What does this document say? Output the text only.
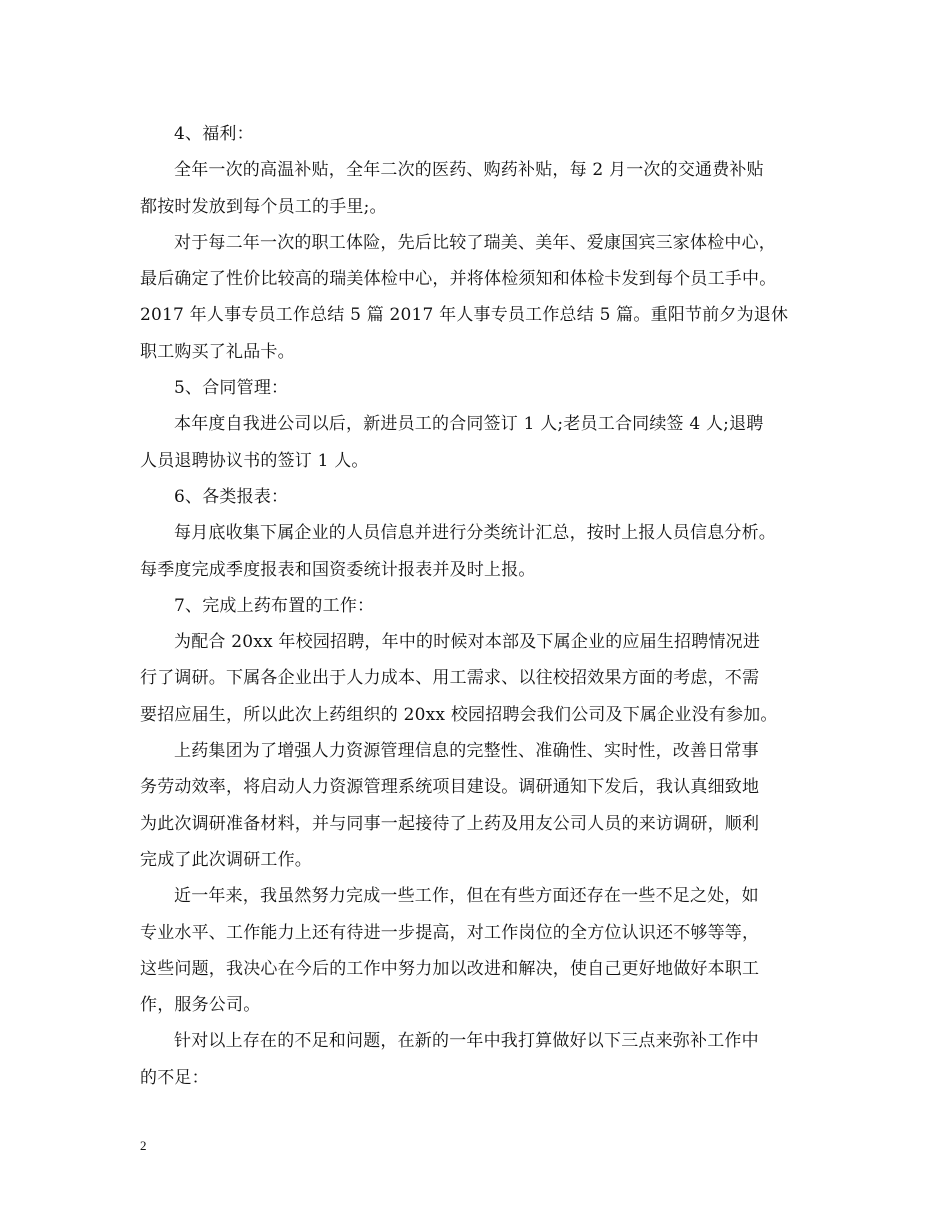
4、福利：
全年一次的高温补贴，全年二次的医药、购药补贴，每 2 月一次的交通费补贴
都按时发放到每个员工的手里;。
对于每二年一次的职工体险，先后比较了瑞美、美年、爱康国宾三家体检中心，
最后确定了性价比较高的瑞美体检中心，并将体检须知和体检卡发到每个员工手中。
2017 年人事专员工作总结 5 篇 2017 年人事专员工作总结 5 篇。重阳节前夕为退休
职工购买了礼品卡。
5、合同管理：
本年度自我进公司以后，新进员工的合同签订 1 人;老员工合同续签 4 人;退聘
人员退聘协议书的签订 1 人。
6、各类报表：
每月底收集下属企业的人员信息并进行分类统计汇总，按时上报人员信息分析。
每季度完成季度报表和国资委统计报表并及时上报。
7、完成上药布置的工作：
为配合 20xx 年校园招聘，年中的时候对本部及下属企业的应届生招聘情况进
行了调研。下属各企业出于人力成本、用工需求、以往校招效果方面的考虑，不需
要招应届生，所以此次上药组织的 20xx 校园招聘会我们公司及下属企业没有参加。
上药集团为了增强人力资源管理信息的完整性、准确性、实时性，改善日常事
务劳动效率，将启动人力资源管理系统项目建设。调研通知下发后，我认真细致地
为此次调研准备材料，并与同事一起接待了上药及用友公司人员的来访调研，顺利
完成了此次调研工作。
近一年来，我虽然努力完成一些工作，但在有些方面还存在一些不足之处，如
专业水平、工作能力上还有待进一步提高，对工作岗位的全方位认识还不够等等，
这些问题，我决心在今后的工作中努力加以改进和解决，使自己更好地做好本职工
作，服务公司。
针对以上存在的不足和问题，在新的一年中我打算做好以下三点来弥补工作中
的不足：
2
